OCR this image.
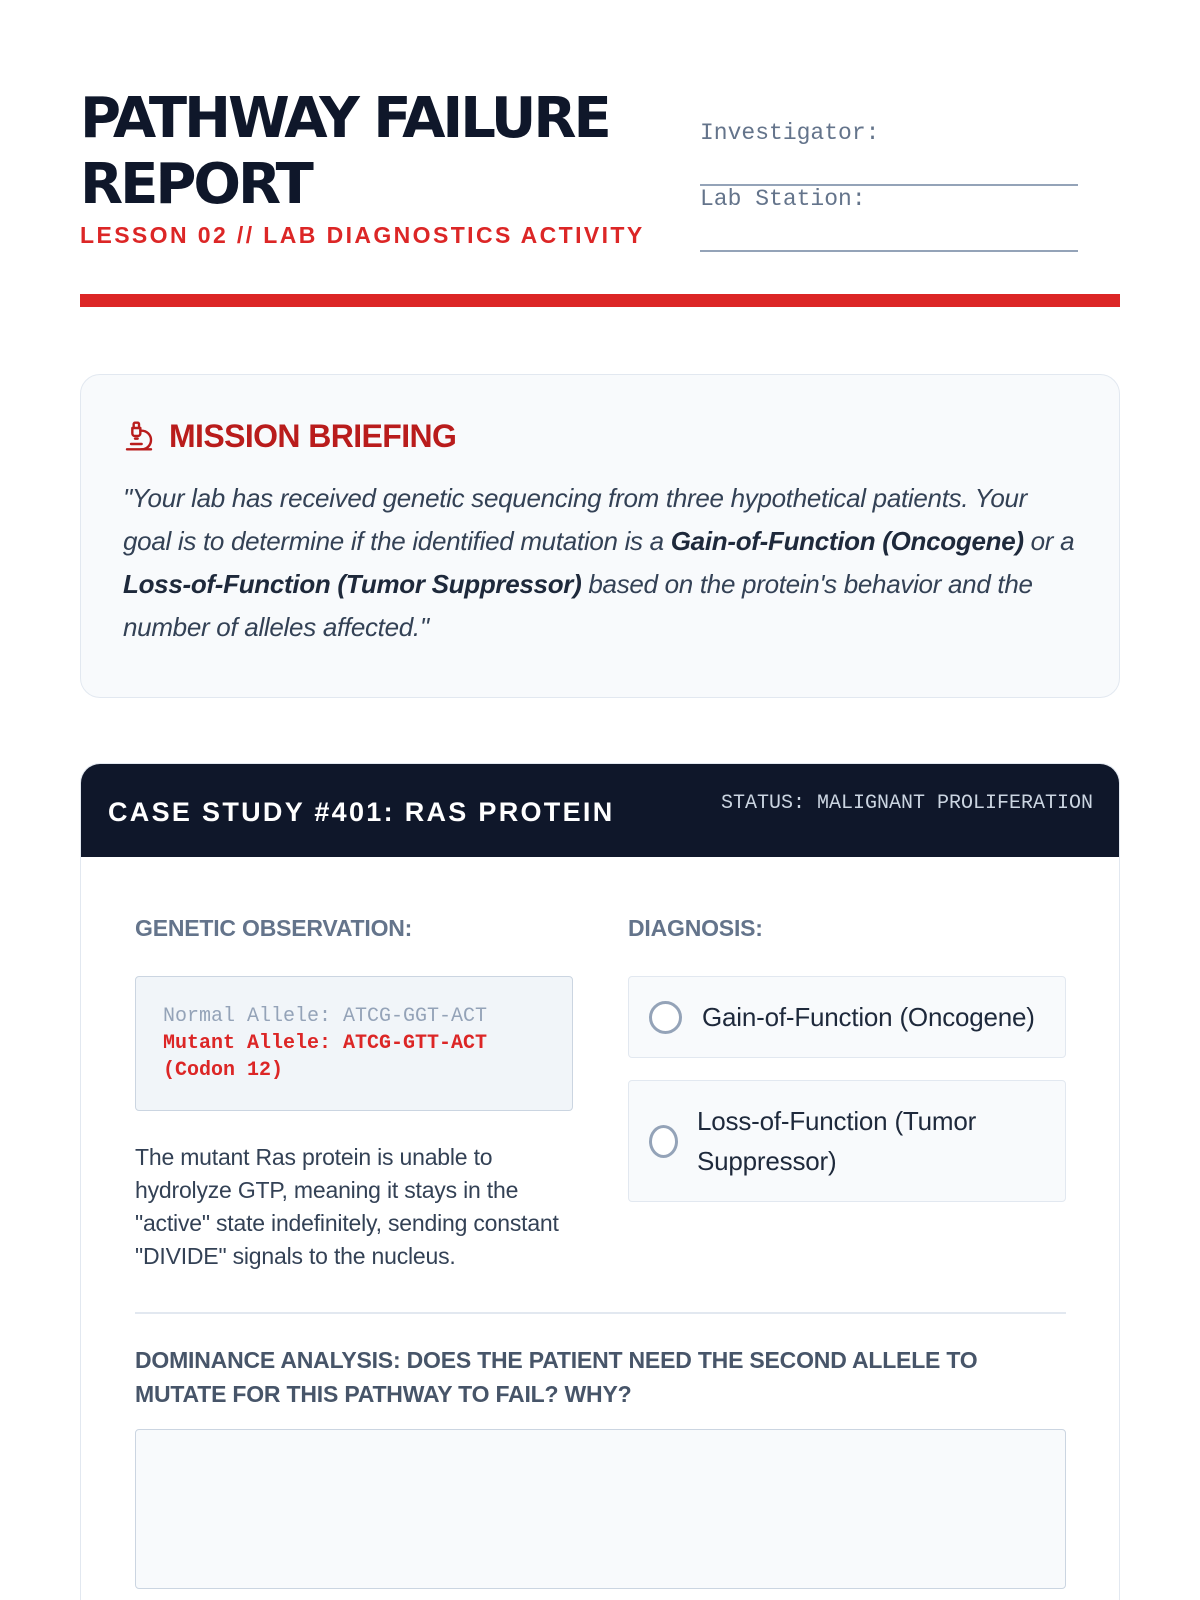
PATHWAY FAILURE REPORT
LESSON 02 // LAB DIAGNOSTICS ACTIVITY
Investigator:
Lab Station:
MISSION BRIEFING

"Your lab has received genetic sequencing from three hypothetical patients. Your goal is to determine if the identified mutation is a Gain-of-Function (Oncogene) or a Loss-of-Function (Tumor Suppressor) based on the protein's behavior and the number of alleles affected."

CASE STUDY #401: RAS PROTEIN	STATUS: MALIGNANT PROLIFERATION
GENETIC OBSERVATION:
Normal Allele: ATCG-GGT-ACT
Mutant Allele: ATCG-GTT-ACT
(Codon 12)

The mutant Ras protein is unable to hydrolyze GTP, meaning it stays in the "active" state indefinitely, sending constant "DIVIDE" signals to the nucleus.

DIAGNOSIS:
Gain-of-Function (Oncogene)
Loss-of-Function (Tumor Suppressor)
DOMINANCE ANALYSIS: DOES THE PATIENT NEED THE SECOND ALLELE TO MUTATE FOR THIS PATHWAY TO FAIL? WHY?
